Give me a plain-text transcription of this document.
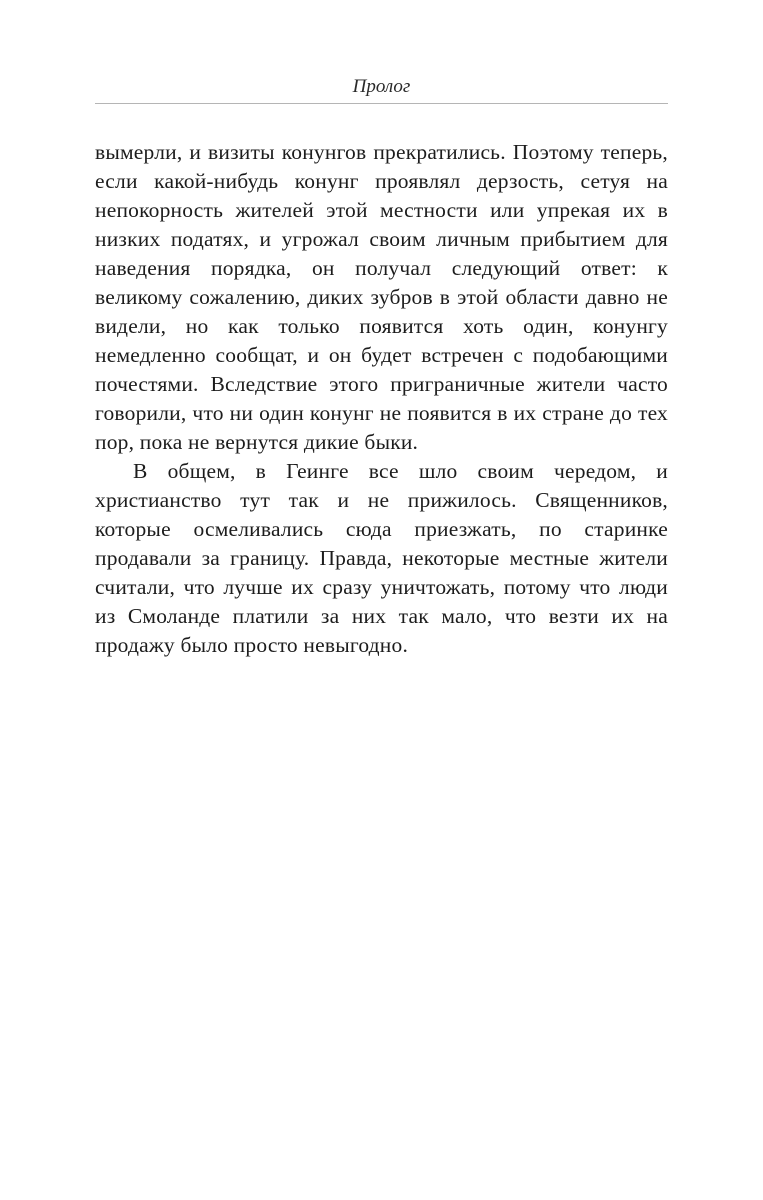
Пролог

вымерли, и визиты конунгов прекратились. Поэтому теперь, если какой-нибудь конунг проявлял дерзость, сетуя на непокорность жителей этой местности или упрекая их в низких податях, и угрожал своим личным прибытием для наведения порядка, он получал следующий ответ: к великому сожалению, диких зубров в этой области давно не видели, но как только появится хоть один, конунгу немедленно сообщат, и он будет встречен с подобающими почестями. Вследствие этого приграничные жители часто говорили, что ни один конунг не появится в их стране до тех пор, пока не вернутся дикие быки.

В общем, в Геинге все шло своим чередом, и христианство тут так и не прижилось. Священников, которые осмеливались сюда приезжать, по старинке продавали за границу. Правда, некоторые местные жители считали, что лучше их сразу уничтожать, потому что люди из Смоланде платили за них так мало, что везти их на продажу было просто невыгодно.
